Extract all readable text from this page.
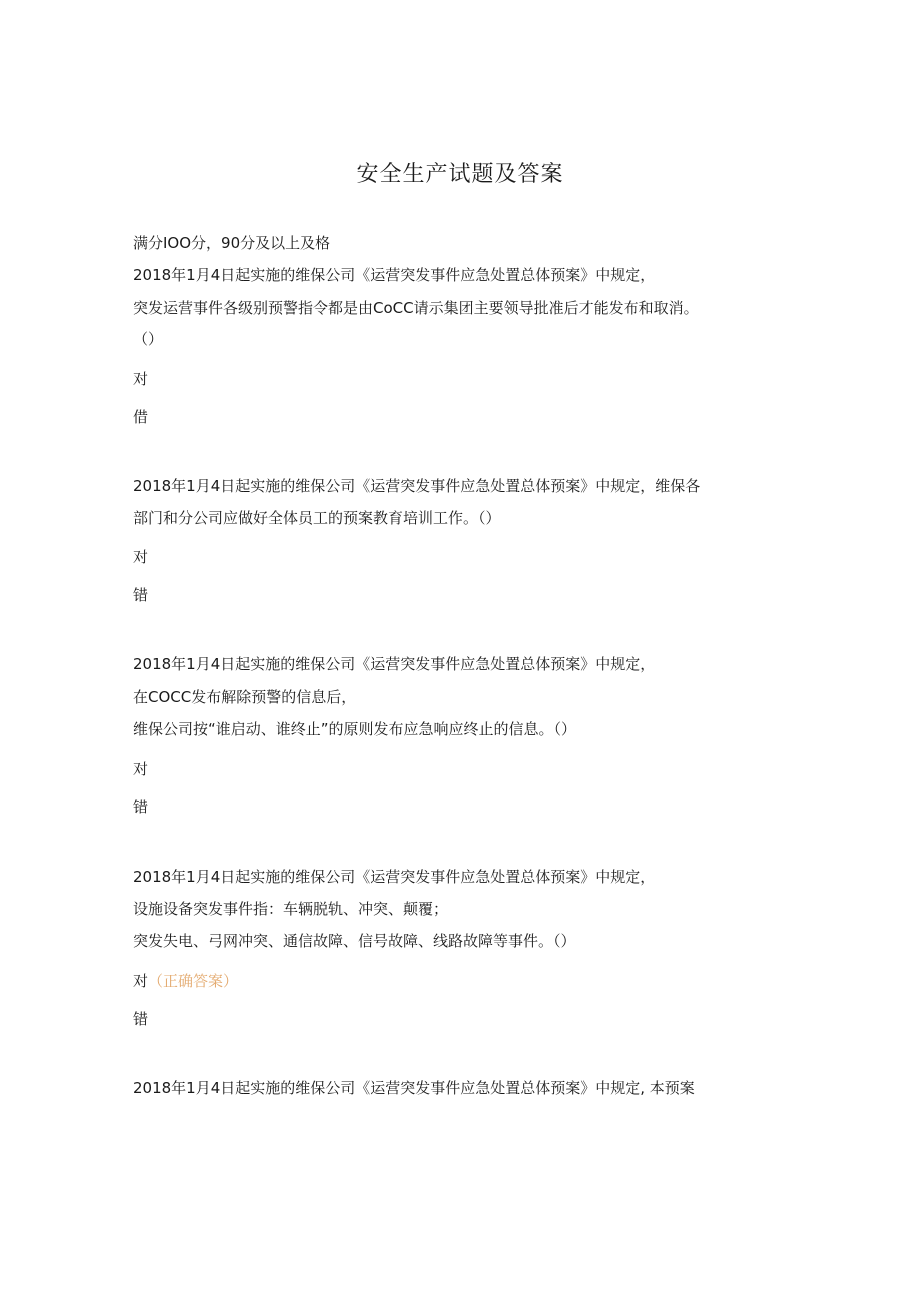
安全生产试题及答案
满分IOO分，90分及以上及格
2018年1月4日起实施的维保公司《运营突发事件应急处置总体预案》中规定，
突发运营事件各级别预警指令都是由CoCC请示集团主要领导批准后才能发布和取消。
（）
对
借
2018年1月4日起实施的维保公司《运营突发事件应急处置总体预案》中规定，维保各
部门和分公司应做好全体员工的预案教育培训工作。（）
对
错
2018年1月4日起实施的维保公司《运营突发事件应急处置总体预案》中规定，
在COCC发布解除预警的信息后，
维保公司按“谁启动、谁终止”的原则发布应急响应终止的信息。（）
对
错
2018年1月4日起实施的维保公司《运营突发事件应急处置总体预案》中规定，
设施设备突发事件指：车辆脱轨、冲突、颠覆；
突发失电、弓网冲突、通信故障、信号故障、线路故障等事件。（）
对（正确答案）
错
2018年1月4日起实施的维保公司《运营突发事件应急处置总体预案》中规定, 本预案
